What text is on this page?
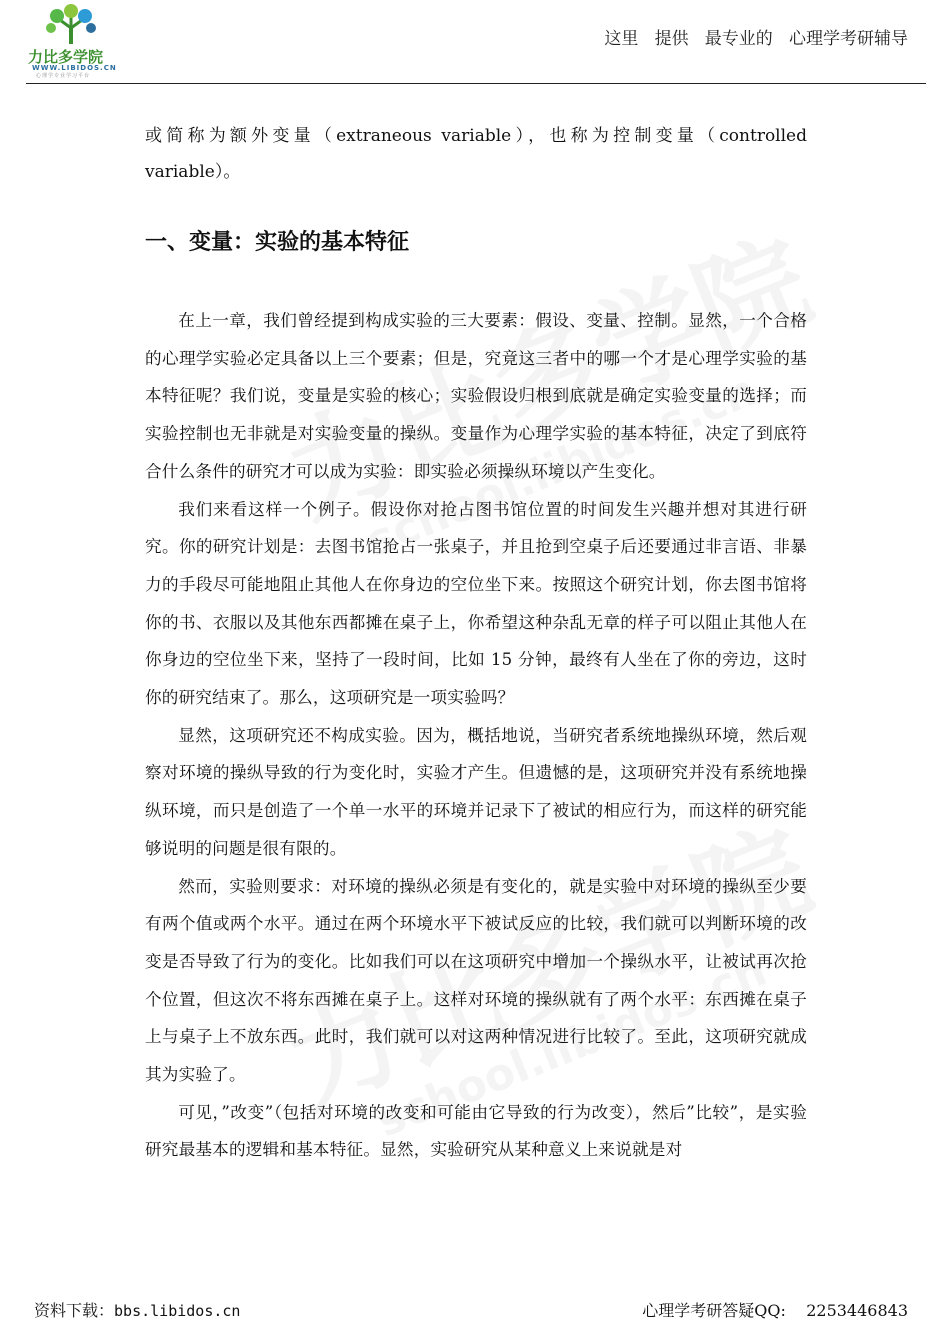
力比多学院
WWW.LIBIDOS.CN
心理学专业学习平台
这里   提供   最专业的   心理学考研辅导

或简称为额外变量（extraneous variable），也称为控制变量（controlled variable）。

一、变量：实验的基本特征

在上一章，我们曾经提到构成实验的三大要素：假设、变量、控制。显然，一个合格的心理学实验必定具备以上三个要素；但是，究竟这三者中的哪一个才是心理学实验的基本特征呢？我们说，变量是实验的核心；实验假设归根到底就是确定实验变量的选择；而实验控制也无非就是对实验变量的操纵。变量作为心理学实验的基本特征，决定了到底符合什么条件的研究才可以成为实验：即实验必须操纵环境以产生变化。

我们来看这样一个例子。假设你对抢占图书馆位置的时间发生兴趣并想对其进行研究。你的研究计划是：去图书馆抢占一张桌子，并且抢到空桌子后还要通过非言语、非暴力的手段尽可能地阻止其他人在你身边的空位坐下来。按照这个研究计划，你去图书馆将你的书、衣服以及其他东西都摊在桌子上，你希望这种杂乱无章的样子可以阻止其他人在你身边的空位坐下来，坚持了一段时间，比如 15 分钟，最终有人坐在了你的旁边，这时你的研究结束了。那么，这项研究是一项实验吗？

显然，这项研究还不构成实验。因为，概括地说，当研究者系统地操纵环境，然后观察对环境的操纵导致的行为变化时，实验才产生。但遗憾的是，这项研究并没有系统地操纵环境，而只是创造了一个单一水平的环境并记录下了被试的相应行为，而这样的研究能够说明的问题是很有限的。

然而，实验则要求：对环境的操纵必须是有变化的，就是实验中对环境的操纵至少要有两个值或两个水平。通过在两个环境水平下被试反应的比较，我们就可以判断环境的改变是否导致了行为的变化。比如我们可以在这项研究中增加一个操纵水平，让被试再次抢个位置，但这次不将东西摊在桌子上。这样对环境的操纵就有了两个水平：东西摊在桌子上与桌子上不放东西。此时，我们就可以对这两种情况进行比较了。至此，这项研究就成其为实验了。

可见，”改变”（包括对环境的改变和可能由它导致的行为改变），然后”比较”，是实验研究最基本的逻辑和基本特征。显然，实验研究从某种意义上来说就是对

资料下载：bbs.libidos.cn	心理学考研答疑QQ: 2253446843
